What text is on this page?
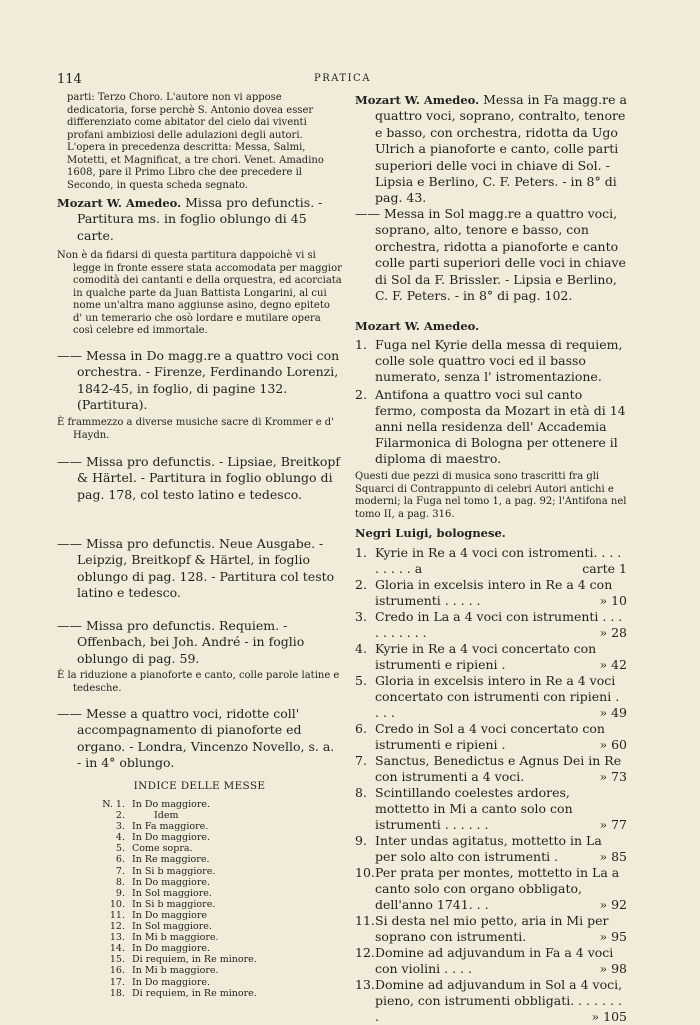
114	PRATICA

parti: Terzo Choro. L'autore non vi appose dedicatoria, forse perchè S. Antonio dovea esser differenziato come abitator del cielo dai viventi profani ambiziosi delle adulazioni degli autori. L'opera in precedenza descritta: Messa, Salmi, Motetti, et Magnificat, a tre chori. Venet. Amadino 1608, pare il Primo Libro che dee precedere il Secondo, in questa scheda segnato.

Mozart W. Amedeo. Missa pro defunctis. - Partitura ms. in foglio oblungo di 45 carte.

Non è da fidarsi di questa partitura dappoichè vi si legge in fronte essere stata accomodata per maggior comodità dei cantanti e della orquestra, ed acorciata in qualche parte da Juan Battista Longarini, al cui nome un'altra mano aggiunse asino, degno epiteto d' un temerario che osò lordare e mutilare opera così celebre ed immortale.

—— Messa in Do magg.re a quattro voci con orchestra. - Firenze, Ferdinando Lorenzi, 1842-45, in foglio, di pagine 132. (Partitura).

È frammezzo a diverse musiche sacre di Krommer e d' Haydn.

—— Missa pro defunctis. - Lipsiae, Breitkopf & Härtel. - Partitura in foglio oblungo di pag. 178, col testo latino e tedesco.

—— Missa pro defunctis. Neue Ausgabe. - Leipzig, Breitkopf & Härtel, in foglio oblungo di pag. 128. - Partitura col testo latino e tedesco.

—— Missa pro defunctis. Requiem. - Offenbach, bei Joh. André - in foglio oblungo di pag. 59.

È la riduzione a pianoforte e canto, colle parole latine e tedesche.

—— Messe a quattro voci, ridotte coll' accompagnamento di pianoforte ed organo. - Londra, Vincenzo Novello, s. a. - in 4° oblungo.

INDICE DELLE MESSE

N. 1. In Do maggiore.
2.	Idem
3. In Fa maggiore.
4. In Do maggiore.
5. Come sopra.
6. In Re maggiore.
7. In Si b maggiore.
8. In Do maggiore.
9. In Sol maggiore.
10. In Si b maggiore.
11. In Do maggiore
12. In Sol maggiore.
13. In Mi b maggiore.
14. In Do maggiore.
15. Di requiem, in Re minore.
16. In Mi b maggiore.
17. In Do maggiore.
18. Di requiem, in Re minore.

Mozart W. Amedeo. Messa in Fa magg.re a quattro voci, soprano, contralto, tenore e basso, con orchestra, ridotta da Ugo Ulrich a pianoforte e canto, colle parti superiori delle voci in chiave di Sol. - Lipsia e Berlino, C. F. Peters. - in 8° di pag. 43.

—— Messa in Sol magg.re a quattro voci, soprano, alto, tenore e basso, con orchestra, ridotta a pianoforte e canto colle parti superiori delle voci in chiave di Sol da F. Brissler. - Lipsia e Berlino, C. F. Peters. - in 8° di pag. 102.

Mozart W. Amedeo.

1. Fuga nel Kyrie della messa di requiem, colle sole quattro voci ed il basso numerato, senza l' istromentazione.
2. Antifona a quattro voci sul canto fermo, composta da Mozart in età di 14 anni nella residenza dell' Accademia Filarmonica di Bologna per ottenere il diploma di maestro.

Questi due pezzi di musica sono trascritti fra gli Squarci di Contrappunto di celebri Autori antichi e moderni; la Fuga nel tomo 1, a pag. 92; l'Antifona nel tomo II, a pag. 316.

Negri Luigi, bolognese.

1. Kyrie in Re a 4 voci con istromenti. . . . . . . . . a	carte 1
2. Gloria in excelsis intero in Re a 4 con istrumenti . . . . .	» 10
3. Credo in La a 4 voci con istrumenti . . . . . . . . . .	» 28
4. Kyrie in Re a 4 voci concertato con istrumenti e ripieni .	» 42
5. Gloria in excelsis intero in Re a 4 voci concertato con istrumenti con ripieni . . . .	» 49
6. Credo in Sol a 4 voci concertato con istrumenti e ripieni .	» 60
7. Sanctus, Benedictus e Agnus Dei in Re con istrumenti a 4 voci.	» 73
8. Scintillando coelestes ardores, mottetto in Mi a canto solo con istrumenti . . . . . .	» 77
9. Inter undas agitatus, mottetto in La per solo alto con istrumenti .	» 85
10. Per prata per montes, mottetto in La a canto solo con organo obbligato, dell'anno 1741. . .	» 92
11. Si desta nel mio petto, aria in Mi per soprano con istrumenti.	» 95
12. Domine ad adjuvandum in Fa a 4 voci con violini . . . .	» 98
13. Domine ad adjuvandum in Sol a 4 voci, pieno, con istrumenti obbligati. . . . . . . .	» 105
